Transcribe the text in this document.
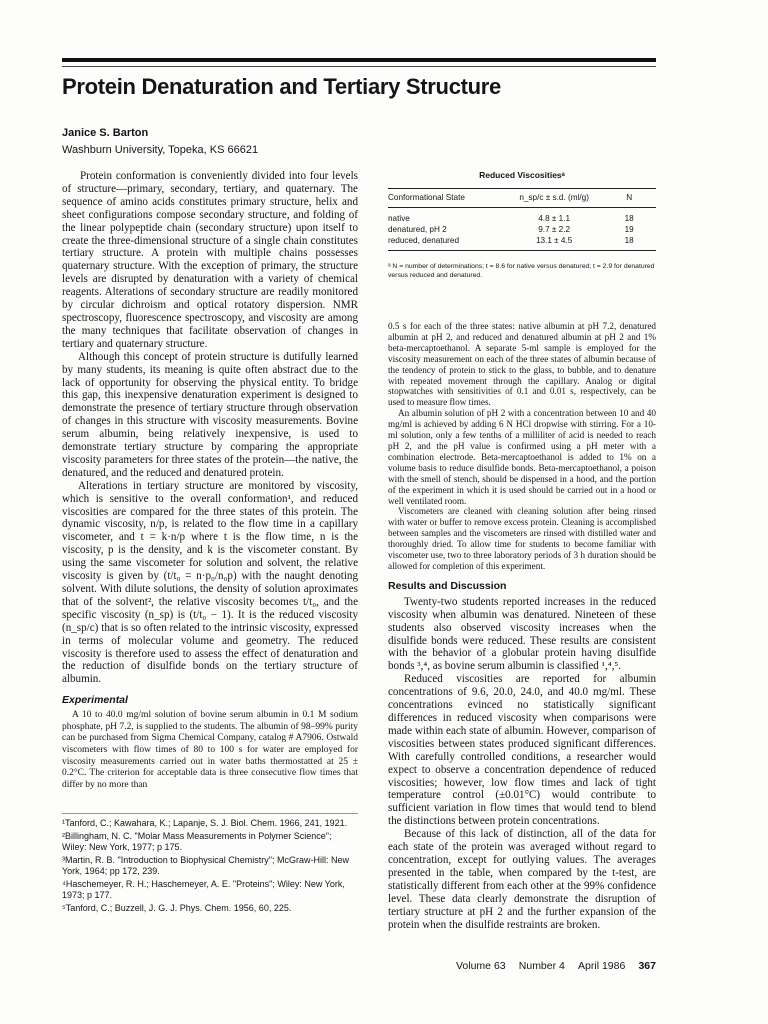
Protein Denaturation and Tertiary Structure
Janice S. Barton
Washburn University, Topeka, KS 66621

Protein conformation is conveniently divided into four levels of structure—primary, secondary, tertiary, and quaternary. The sequence of amino acids constitutes primary structure, helix and sheet configurations compose secondary structure, and folding of the linear polypeptide chain (secondary structure) upon itself to create the three-dimensional structure of a single chain constitutes tertiary structure. A protein with multiple chains possesses quaternary structure. With the exception of primary, the structure levels are disrupted by denaturation with a variety of chemical reagents. Alterations of secondary structure are readily monitored by circular dichroism and optical rotatory dispersion. NMR spectroscopy, fluorescence spectroscopy, and viscosity are among the many techniques that facilitate observation of changes in tertiary and quaternary structure.

Although this concept of protein structure is dutifully learned by many students, its meaning is quite often abstract due to the lack of opportunity for observing the physical entity. To bridge this gap, this inexpensive denaturation experiment is designed to demonstrate the presence of tertiary structure through observation of changes in this structure with viscosity measurements. Bovine serum albumin, being relatively inexpensive, is used to demonstrate tertiary structure by comparing the appropriate viscosity parameters for three states of the protein—the native, the denatured, and the reduced and denatured protein.

Alterations in tertiary structure are monitored by viscosity, which is sensitive to the overall conformation¹, and reduced viscosities are compared for the three states of this protein. The dynamic viscosity, n/p, is related to the flow time in a capillary viscometer, and t = k·n/p where t is the flow time, n is the viscosity, p is the density, and k is the viscometer constant. By using the same viscometer for solution and solvent, the relative viscosity is given by (t/t₀ = n·p₀/n₀p) with the naught denoting solvent. With dilute solutions, the density of solution aproximates that of the solvent², the relative viscosity becomes t/t₀, and the specific viscosity (n_sp) is (t/t₀ − 1). It is the reduced viscosity (n_sp/c) that is so often related to the intrinsic viscosity, expressed in terms of molecular volume and geometry. The reduced viscosity is therefore used to assess the effect of denaturation and the reduction of disulfide bonds on the tertiary structure of albumin.

Experimental

A 10 to 40.0 mg/ml solution of bovine serum albumin in 0.1 M sodium phosphate, pH 7.2, is supplied to the students. The albumin of 98–99% purity can be purchased from Sigma Chemical Company, catalog # A7906. Ostwald viscometers with flow times of 80 to 100 s for water are employed for viscosity measurements carried out in water baths thermostatted at 25 ± 0.2°C. The criterion for acceptable data is three consecutive flow times that differ by no more than

¹Tanford, C.; Kawahara, K.; Lapanje, S. J. Biol. Chem. 1966, 241, 1921.
²Billingham, N. C. "Molar Mass Measurements in Polymer Science"; Wiley: New York, 1977; p 175.
³Martin, R. B. "Introduction to Biophysical Chemistry"; McGraw-Hill: New York, 1964; pp 172, 239.
⁴Haschemeyer, R. H.; Haschemeyer, A. E. "Proteins"; Wiley: New York, 1973; p 177.
⁵Tanford, C.; Buzzell, J. G. J. Phys. Chem. 1956, 60, 225.
Reduced Viscositiesᵃ
Conformational State	n_sp/c ± s.d. (ml/g)	N
native	4.8 ± 1.1	18
denatured, pH 2	9.7 ± 2.2	19
reduced, denatured	13.1 ± 4.5	18
ᵃ N = number of determinations; t = 8.6 for native versus denatured; t = 2.9 for denatured versus reduced and denatured.

0.5 s for each of the three states: native albumin at pH 7.2, denatured albumin at pH 2, and reduced and denatured albumin at pH 2 and 1% beta-mercaptoethanol. A separate 5-ml sample is employed for the viscosity measurement on each of the three states of albumin because of the tendency of protein to stick to the glass, to bubble, and to denature with repeated movement through the capillary. Analog or digital stopwatches with sensitivities of 0.1 and 0.01 s, respectively, can be used to measure flow times.

An albumin solution of pH 2 with a concentration between 10 and 40 mg/ml is achieved by adding 6 N HCl dropwise with stirring. For a 10-ml solution, only a few tenths of a milliliter of acid is needed to reach pH 2, and the pH value is confirmed using a pH meter with a combination electrode. Beta-mercaptoethanol is added to 1% on a volume basis to reduce disulfide bonds. Beta-mercaptoethanol, a poison with the smell of stench, should be dispensed in a hood, and the portion of the experiment in which it is used should be carried out in a hood or well ventilated room.

Viscometers are cleaned with cleaning solution after being rinsed with water or buffer to remove excess protein. Cleaning is accomplished between samples and the viscometers are rinsed with distilled water and thoroughly dried. To allow time for students to become familiar with viscometer use, two to three laboratory periods of 3 h duration should be allowed for completion of this experiment.

Results and Discussion

Twenty-two students reported increases in the reduced viscosity when albumin was denatured. Nineteen of these students also observed viscosity increases when the disulfide bonds were reduced. These results are consistent with the behavior of a globular protein having disulfide bonds ³,⁴, as bovine serum albumin is classified ¹,⁴,⁵.

Reduced viscosities are reported for albumin concentrations of 9.6, 20.0, 24.0, and 40.0 mg/ml. These concentrations evinced no statistically significant differences in reduced viscosity when comparisons were made within each state of albumin. However, comparison of viscosities between states produced significant differences. With carefully controlled conditions, a researcher would expect to observe a concentration dependence of reduced viscosities; however, low flow times and lack of tight temperature control (±0.01°C) would contribute to sufficient variation in flow times that would tend to blend the distinctions between protein concentrations.

Because of this lack of distinction, all of the data for each state of the protein was averaged without regard to concentration, except for outlying values. The averages presented in the table, when compared by the t-test, are statistically different from each other at the 99% confidence level. These data clearly demonstrate the disruption of tertiary structure at pH 2 and the further expansion of the protein when the disulfide restraints are broken.

Volume 63 Number 4 April 1986 367
